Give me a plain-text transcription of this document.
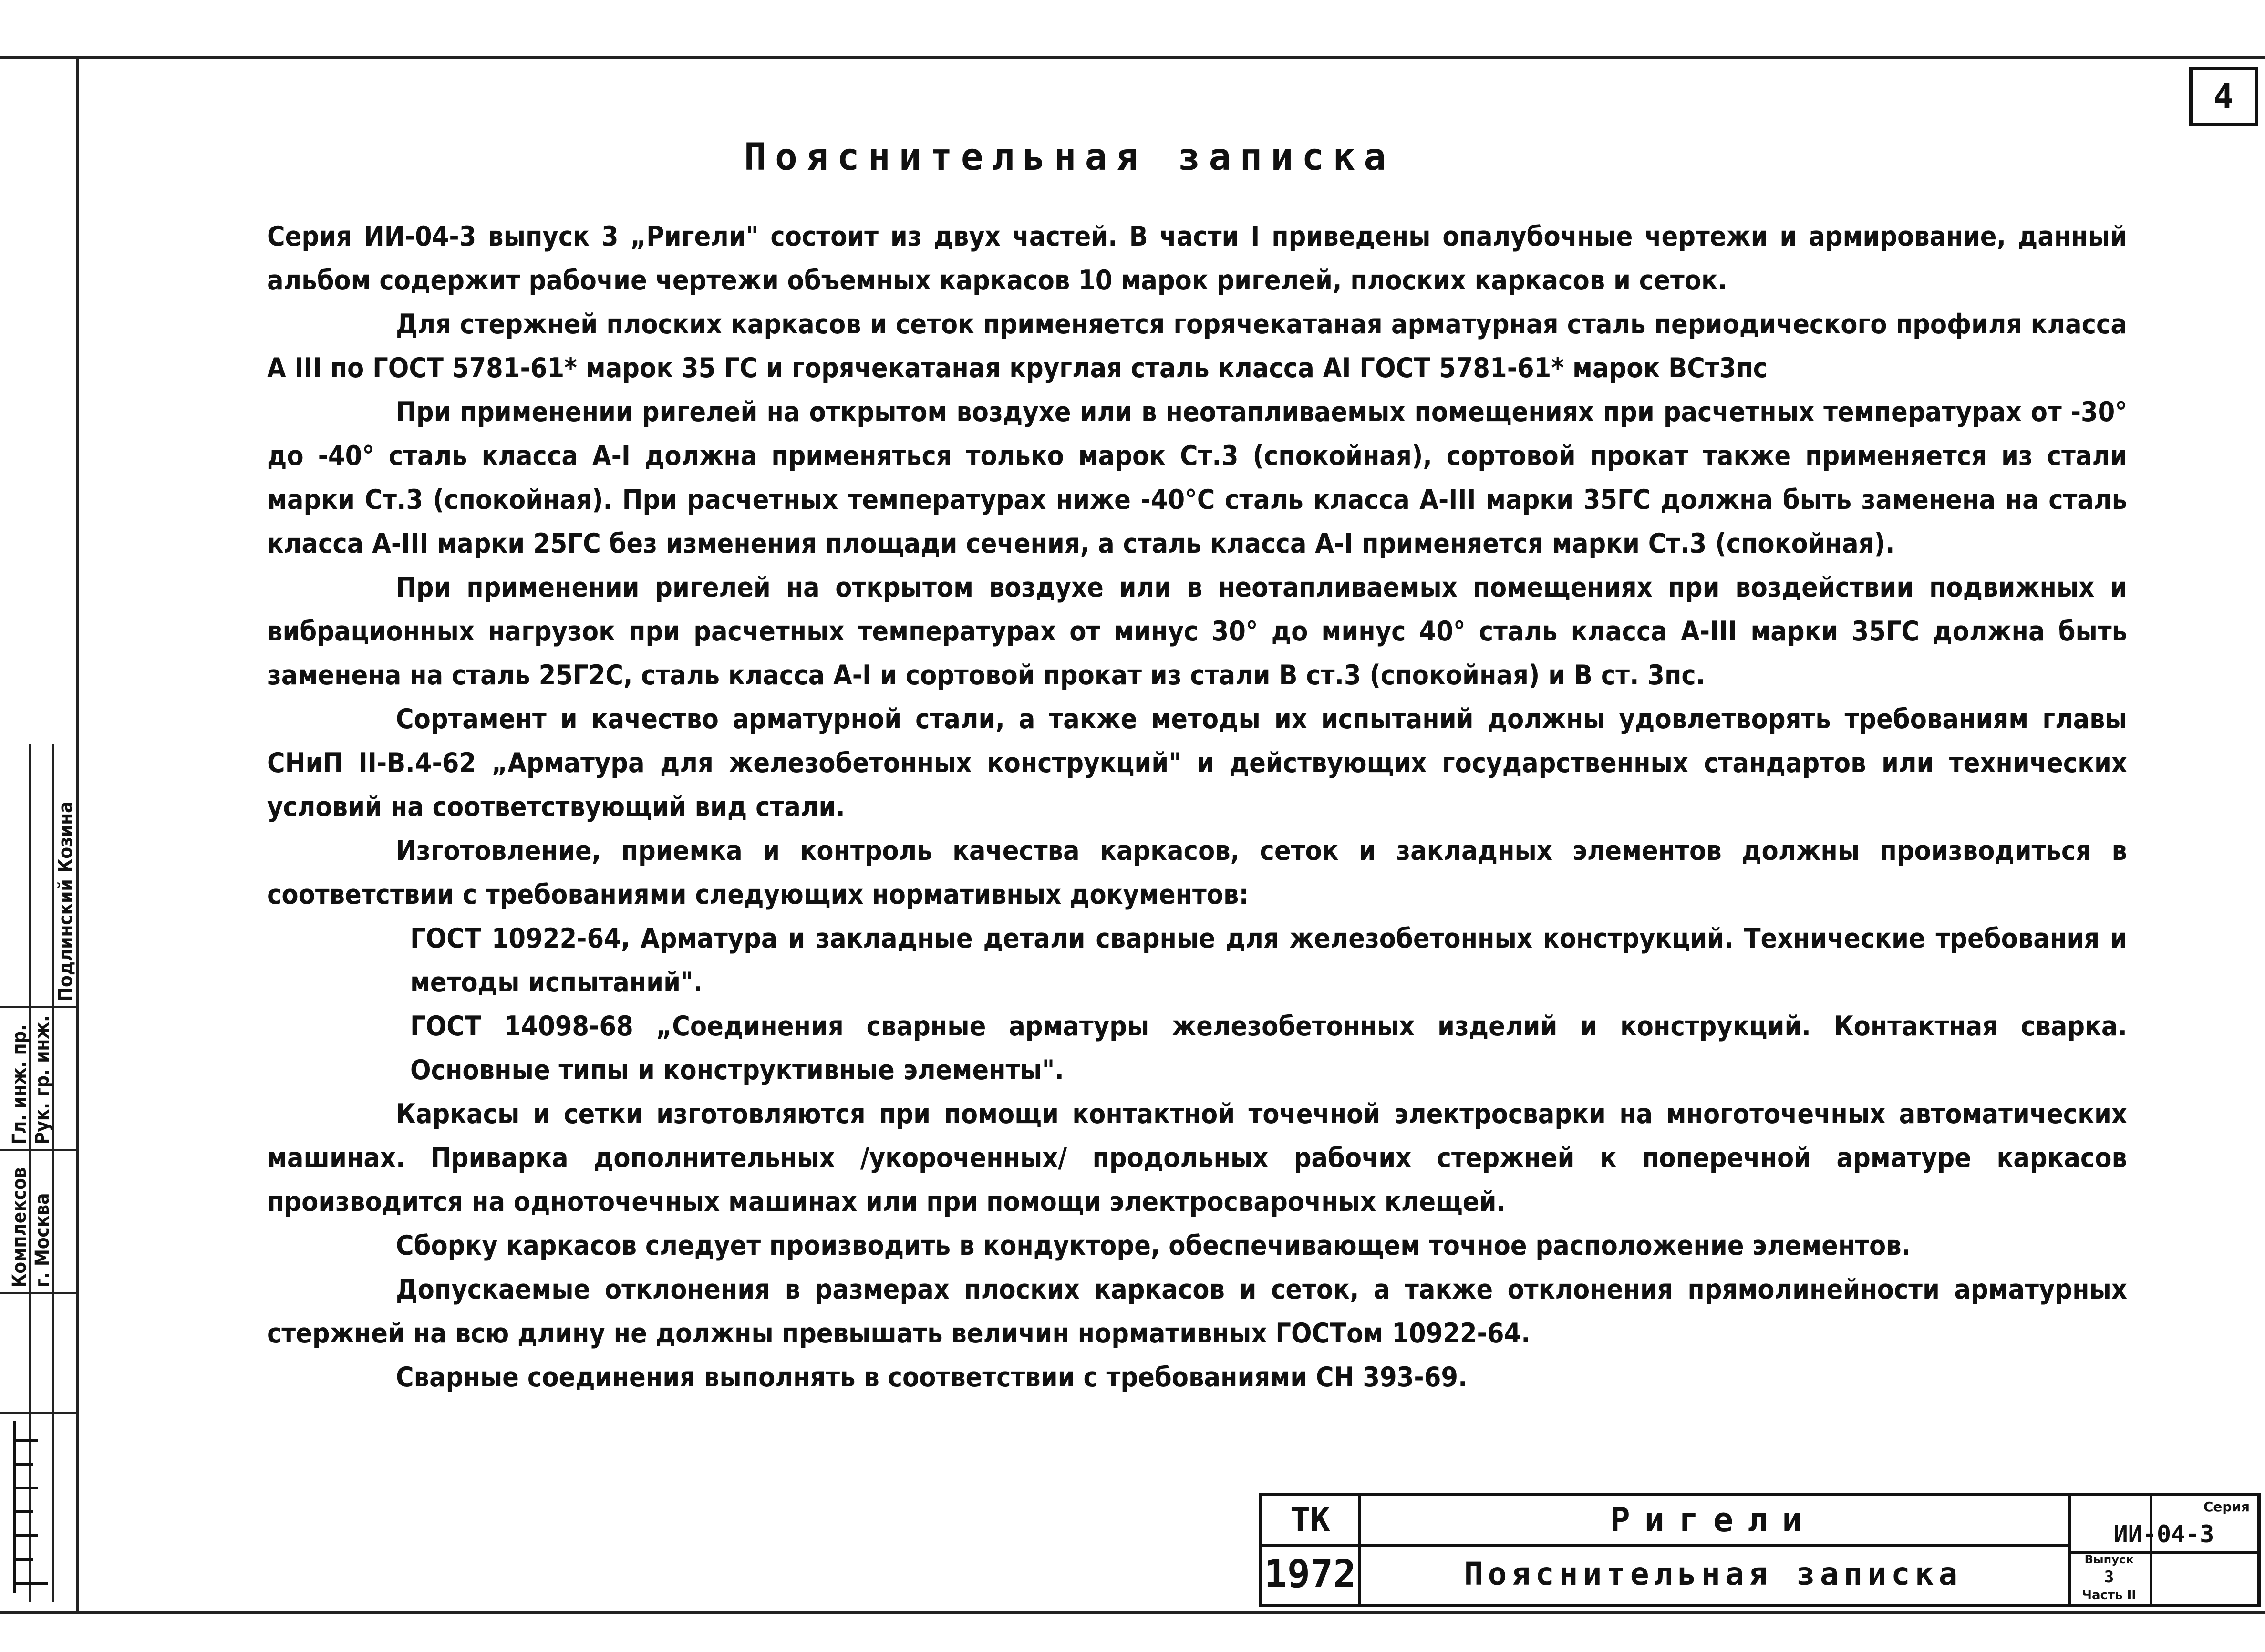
4
Пояснительная записка

Серия ИИ-04-3 выпуск 3 „Ригели" состоит из двух частей. В части I приведены опалубочные чертежи и армирование, данный альбом содержит рабочие чертежи объемных каркасов 10 марок ригелей, плоских каркасов и сеток.

Для стержней плоских каркасов и сеток применяется горячекатаная арматурная сталь периодического профиля класса А III по ГОСТ 5781-61* марок 35 ГС и горячекатаная круглая сталь класса АI ГОСТ 5781-61* марок ВСт3пс

При применении ригелей на открытом воздухе или в неотапливаемых помещениях при расчетных температурах от -30° до -40° сталь класса А-I должна применяться только марок Ст.3 (спокойная), сортовой прокат также применяется из стали марки Ст.3 (спокойная). При расчетных температурах ниже -40°С сталь класса А-III марки 35ГС должна быть заменена на сталь класса А-III марки 25ГС без изменения площади сечения, а сталь класса А-I применяется марки Ст.3 (спокойная).

При применении ригелей на открытом воздухе или в неотапливаемых помещениях при воздействии подвижных и вибрационных нагрузок при расчетных температурах от минус 30° до минус 40° сталь класса А-III марки 35ГС должна быть заменена на сталь 25Г2С, сталь класса А-I и сортовой прокат из стали В ст.3 (спокойная) и В ст. 3пс.

Сортамент и качество арматурной стали, а также методы их испытаний должны удовлетворять требованиям главы СНиП II-В.4-62 „Арматура для железобетонных конструкций" и действующих государственных стандартов или технических условий на соответствующий вид стали.

Изготовление, приемка и контроль качества каркасов, сеток и закладных элементов должны производиться в соответствии с требованиями следующих нормативных документов:

ГОСТ 10922-64, Арматура и закладные детали сварные для железобетонных конструкций. Технические требования и методы испытаний".

ГОСТ 14098-68 „Соединения сварные арматуры железобетонных изделий и конструкций. Контактная сварка. Основные типы и конструктивные элементы".

Каркасы и сетки изготовляются при помощи контактной точечной электросварки на многоточечных автоматических машинах. Приварка дополнительных /укороченных/ продольных рабочих стержней к поперечной арматуре каркасов производится на одноточечных машинах или при помощи электросварочных клещей.

Сборку каркасов следует производить в кондукторе, обеспечивающем точное расположение элементов.

Допускаемые отклонения в размерах плоских каркасов и сеток, а также отклонения прямолинейности арматурных стержней на всю длину не должны превышать величин нормативных ГОСТом 10922-64.

Сварные соединения выполнять в соответствии с требованиями СН 393-69.

Комплексов г. Москва
Гл. инж. пр. Рук. гр. инж.
Подлинский
Козина
ТК
1972
Ригели
Пояснительная записка
Серия
ИИ-04-3
Выпуск
3
Часть II
